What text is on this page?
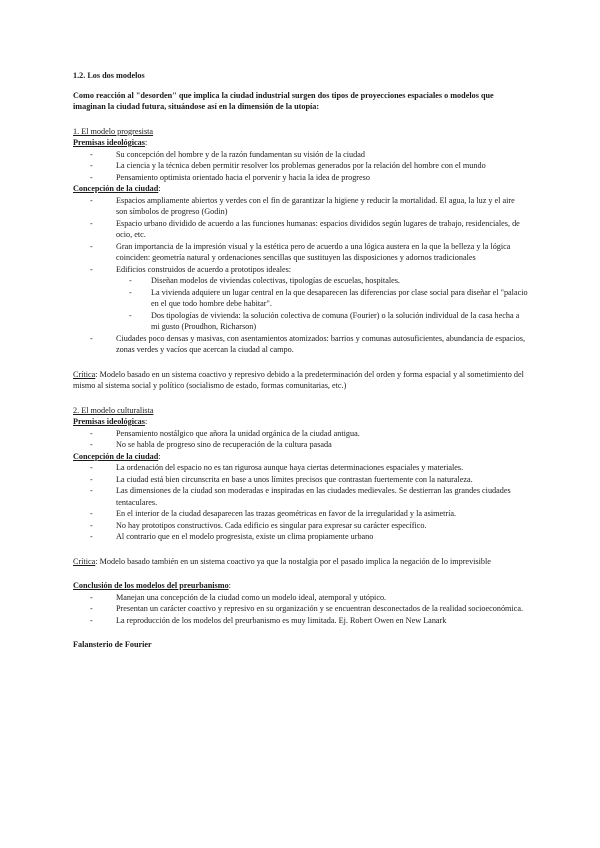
1.2. Los dos modelos

Como reacción al "desorden" que implica la ciudad industrial surgen dos tipos de proyecciones espaciales o modelos que imaginan la ciudad futura, situándose así en la dimensión de la utopía:

1. El modelo progresista

Premisas ideológicas:

- Su concepción del hombre y de la razón fundamentan su visión de la ciudad
- La ciencia y la técnica deben permitir resolver los problemas generados por la relación del hombre con el mundo
- Pensamiento optimista orientado hacia el porvenir y hacia la idea de progreso

Concepción de la ciudad:

- Espacios ampliamente abiertos y verdes con el fin de garantizar la higiene y reducir la mortalidad. El agua, la luz y el aire son símbolos de progreso (Godin)
- Espacio urbano dividido de acuerdo a las funciones humanas: espacios divididos según lugares de trabajo, residenciales, de ocio, etc.
- Gran importancia de la impresión visual y la estética pero de acuerdo a una lógica austera en la que la belleza y la lógica coinciden: geometría natural y ordenaciones sencillas que sustituyen las disposiciones y adornos tradicionales
- Edificios construidos de acuerdo a prototipos ideales:
- Diseñan modelos de viviendas colectivas, tipologías de escuelas, hospitales.
- La vivienda adquiere un lugar central en la que desaparecen las diferencias por clase social para diseñar el "palacio en el que todo hombre debe habitar".
- Dos tipologías de vivienda: la solución colectiva de comuna (Fourier) o la solución individual de la casa hecha a mi gusto (Proudhon, Richarson)
- Ciudades poco densas y masivas, con asentamientos atomizados: barrios y comunas autosuficientes, abundancia de espacios, zonas verdes y vacíos que acercan la ciudad al campo.

Crítica: Modelo basado en un sistema coactivo y represivo debido a la predeterminación del orden y forma espacial y al sometimiento del mismo al sistema social y político (socialismo de estado, formas comunitarias, etc.)

2. El modelo culturalista

Premisas ideológicas:

- Pensamiento nostálgico que añora la unidad orgánica de la ciudad antigua.
- No se habla de progreso sino de recuperación de la cultura pasada

Concepción de la ciudad:

- La ordenación del espacio no es tan rigurosa aunque haya ciertas determinaciones espaciales y materiales.
- La ciudad está bien circunscrita en base a unos límites precisos que contrastan fuertemente con la naturaleza.
- Las dimensiones de la ciudad son moderadas e inspiradas en las ciudades medievales. Se destierran las grandes ciudades tentaculares.
- En el interior de la ciudad desaparecen las trazas geométricas en favor de la irregularidad y la asimetría.
- No hay prototipos constructivos. Cada edificio es singular para expresar su carácter específico.
- Al contrario que en el modelo progresista, existe un clima propiamente urbano

Crítica: Modelo basado también en un sistema coactivo ya que la nostalgia por el pasado implica la negación de lo imprevisible

Conclusión de los modelos del preurbanismo:

- Manejan una concepción de la ciudad como un modelo ideal, atemporal y utópico.
- Presentan un carácter coactivo y represivo en su organización y se encuentran desconectados de la realidad socioeconómica.
- La reproducción de los modelos del preurbanismo es muy limitada. Ej. Robert Owen en New Lanark

Falansterio de Fourier
